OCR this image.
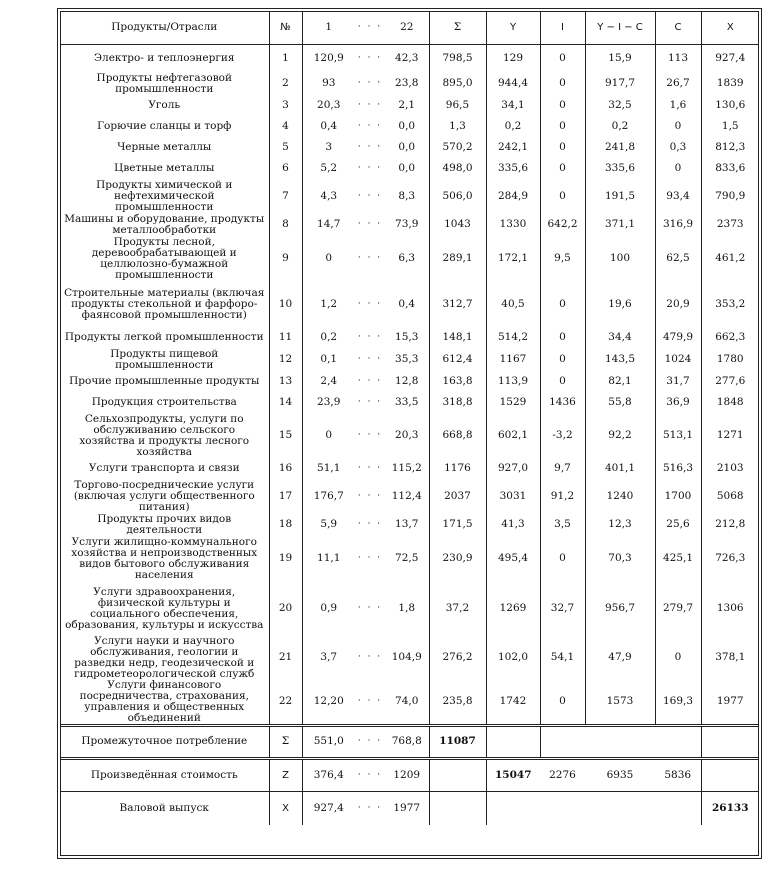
Продукты/Отрасли	№	1	· · ·	22	Σ	Y	I	Y − I − C	C	X
Электро- и теплоэнергия	1	120,9	· · ·	42,3	798,5	129	0	15,9	113	927,4
Продукты нефтегазовой промышленности	2	93	· · ·	23,8	895,0	944,4	0	917,7	26,7	1839
Уголь	3	20,3	· · ·	2,1	96,5	34,1	0	32,5	1,6	130,6
Горючие сланцы и торф	4	0,4	· · ·	0,0	1,3	0,2	0	0,2	0	1,5
Черные металлы	5	3	· · ·	0,0	570,2	242,1	0	241,8	0,3	812,3
Цветные металлы	6	5,2	· · ·	0,0	498,0	335,6	0	335,6	0	833,6
Продукты химической и нефтехимической промышленности	7	4,3	· · ·	8,3	506,0	284,9	0	191,5	93,4	790,9
Машины и оборудование, продукты металлообработки	8	14,7	· · ·	73,9	1043	1330	642,2	371,1	316,9	2373
Продукты лесной, деревообрабатывающей и целлюлозно-бумажной промышленности	9	0	· · ·	6,3	289,1	172,1	9,5	100	62,5	461,2
Строительные материалы (включая продукты стекольной и фарфоро-фаянсовой промышленности)	10	1,2	· · ·	0,4	312,7	40,5	0	19,6	20,9	353,2
Продукты легкой промышленности	11	0,2	· · ·	15,3	148,1	514,2	0	34,4	479,9	662,3
Продукты пищевой промышленности	12	0,1	· · ·	35,3	612,4	1167	0	143,5	1024	1780
Прочие промышленные продукты	13	2,4	· · ·	12,8	163,8	113,9	0	82,1	31,7	277,6
Продукция строительства	14	23,9	· · ·	33,5	318,8	1529	1436	55,8	36,9	1848
Сельхозпродукты, услуги по обслуживанию сельского хозяйства и продукты лесного хозяйства	15	0	· · ·	20,3	668,8	602,1	-3,2	92,2	513,1	1271
Услуги транспорта и связи	16	51,1	· · ·	115,2	1176	927,0	9,7	401,1	516,3	2103
Торгово-посреднические услуги (включая услуги общественного питания)	17	176,7	· · ·	112,4	2037	3031	91,2	1240	1700	5068
Продукты прочих видов деятельности	18	5,9	· · ·	13,7	171,5	41,3	3,5	12,3	25,6	212,8
Услуги жилищно-коммунального хозяйства и непроизводственных видов бытового обслуживания населения	19	11,1	· · ·	72,5	230,9	495,4	0	70,3	425,1	726,3
Услуги здравоохранения, физической культуры и социального обеспечения, образования, культуры и искусства	20	0,9	· · ·	1,8	37,2	1269	32,7	956,7	279,7	1306
Услуги науки и научного обслуживания, геологии и разведки недр, геодезической и гидрометеорологической служб	21	3,7	· · ·	104,9	276,2	102,0	54,1	47,9	0	378,1
Услуги финансового посредничества, страхования, управления и общественных объединений	22	12,20	· · ·	74,0	235,8	1742	0	1573	169,3	1977
Промежуточное потребление	Σ	551,0	· · ·	768,8	11087					
Произведённая стоимость	Z	376,4	· · ·	1209		15047	2276	6935	5836	
Валовой выпуск	X	927,4	· · ·	1977						26133
